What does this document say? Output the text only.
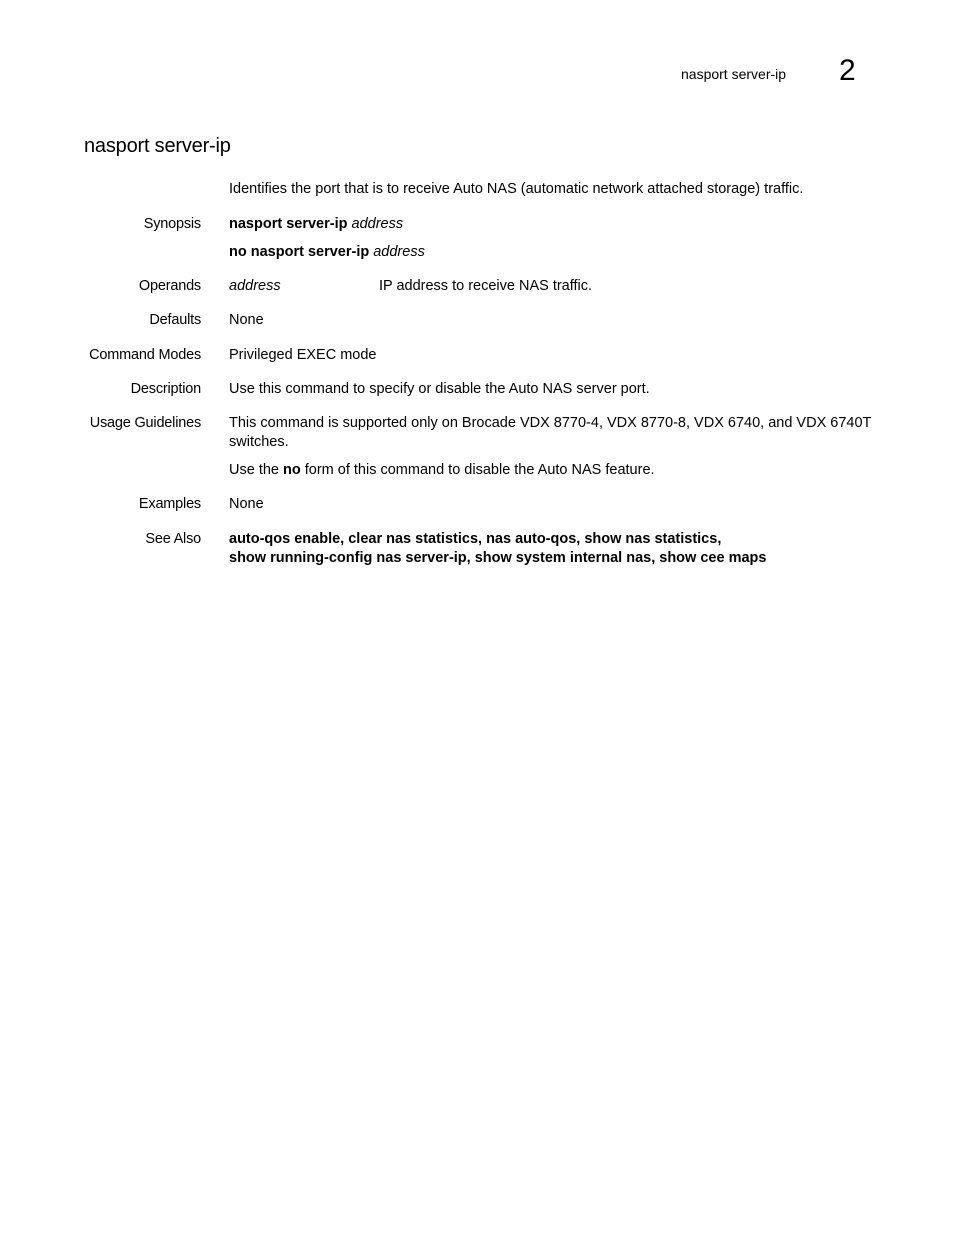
nasport server-ip 2
nasport server-ip
Identifies the port that is to receive Auto NAS (automatic network attached storage) traffic.
Synopsis nasport server-ip address
no nasport server-ip address
Operands address	IP address to receive NAS traffic.
Defaults None
Command Modes Privileged EXEC mode
Description Use this command to specify or disable the Auto NAS server port.
Usage Guidelines This command is supported only on Brocade VDX 8770-4, VDX 8770-8, VDX 6740, and VDX 6740T switches.
Use the no form of this command to disable the Auto NAS feature.
Examples None
See Also auto-qos enable, clear nas statistics, nas auto-qos, show nas statistics,
show running-config nas server-ip, show system internal nas, show cee maps
